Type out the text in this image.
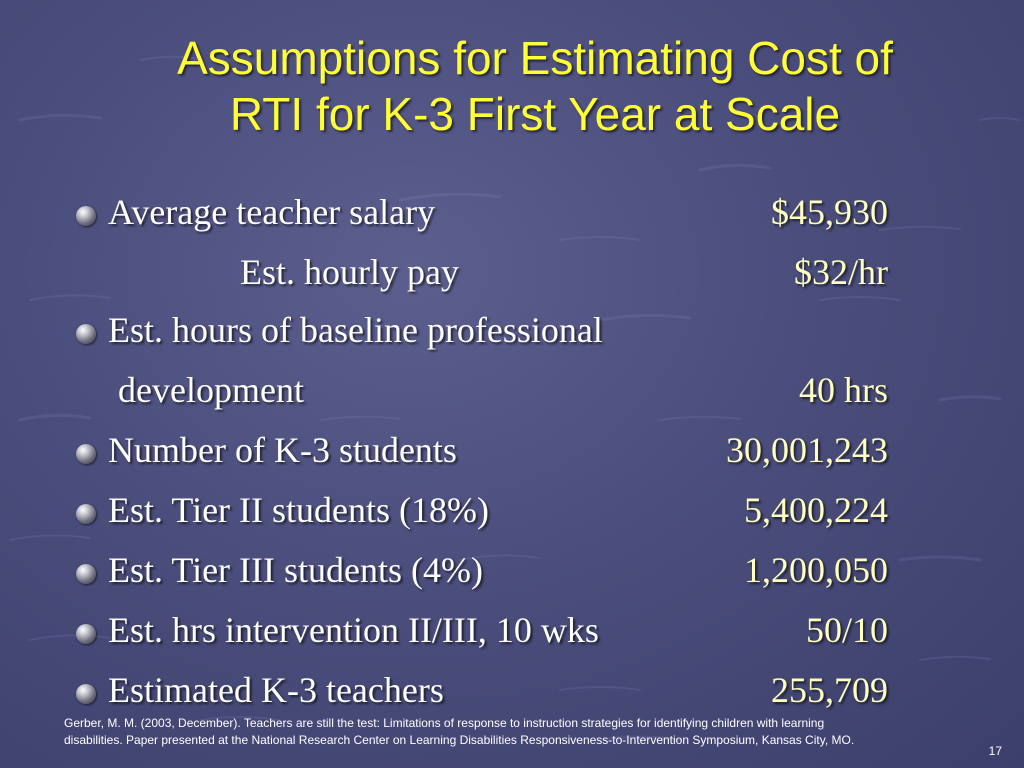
Assumptions for Estimating Cost of
RTI for K-3 First Year at Scale
Average teacher salary	$45,930
Est. hourly pay	$32/hr
Est. hours of baseline professional
development	40 hrs
Number of K-3 students	30,001,243
Est. Tier II students (18%)	5,400,224
Est. Tier III students (4%)	1,200,050
Est. hrs intervention II/III, 10 wks	50/10
Estimated K-3 teachers	255,709
Gerber, M. M. (2003, December). Teachers are still the test: Limitations of response to instruction strategies for identifying children with learning
disabilities. Paper presented at the National Research Center on Learning Disabilities Responsiveness-to-Intervention Symposium, Kansas City, MO.
17
